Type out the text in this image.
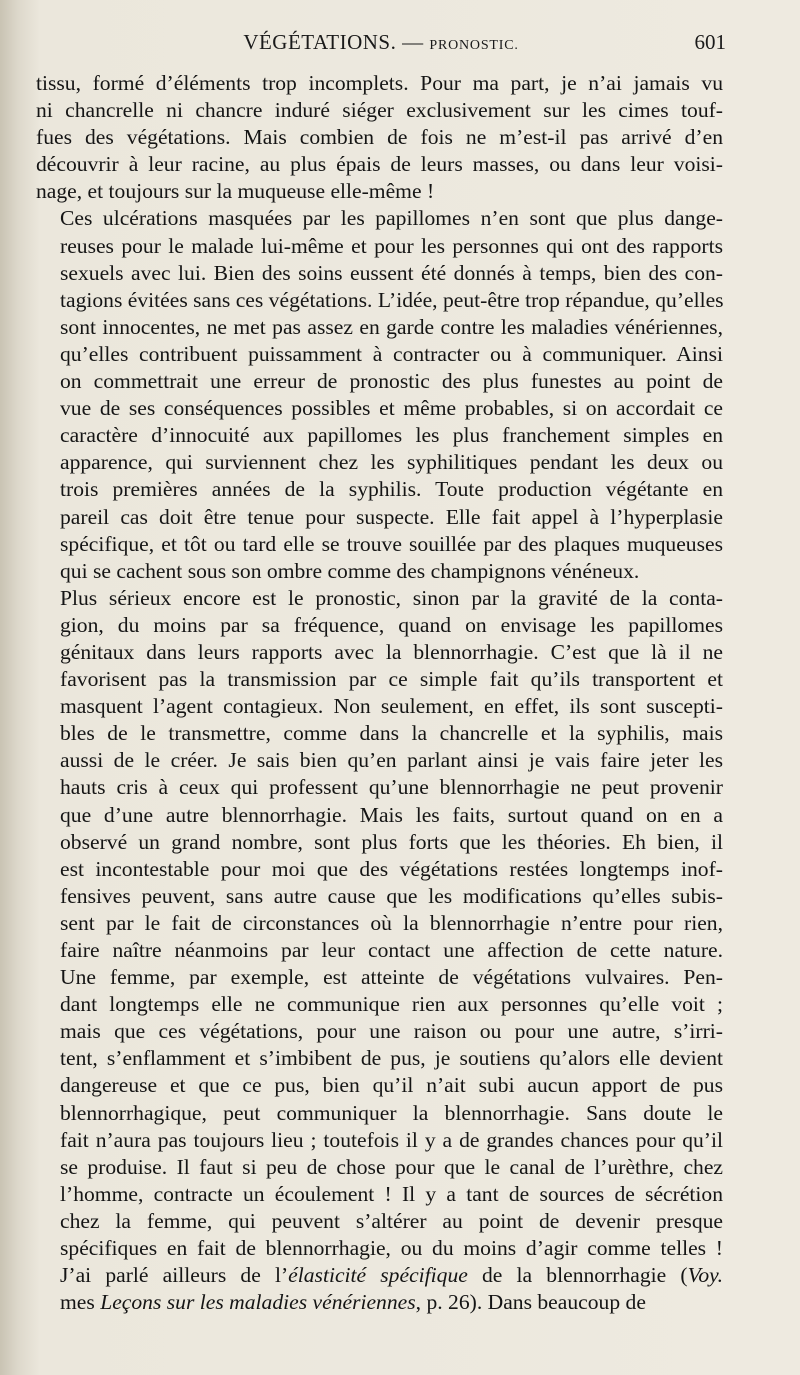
VÉGÉTATIONS. — PRONOSTIC.	601

tissu, formé d’éléments trop incomplets. Pour ma part, je n’ai jamais vu
ni chancrelle ni chancre induré siéger exclusivement sur les cimes touf-
fues des végétations. Mais combien de fois ne m’est-il pas arrivé d’en
découvrir à leur racine, au plus épais de leurs masses, ou dans leur voisi-
nage, et toujours sur la muqueuse elle-même !

Ces ulcérations masquées par les papillomes n’en sont que plus dange-
reuses pour le malade lui-même et pour les personnes qui ont des rapports
sexuels avec lui. Bien des soins eussent été donnés à temps, bien des con-
tagions évitées sans ces végétations. L’idée, peut-être trop répandue, qu’elles
sont innocentes, ne met pas assez en garde contre les maladies vénériennes,
qu’elles contribuent puissamment à contracter ou à communiquer. Ainsi
on commettrait une erreur de pronostic des plus funestes au point de
vue de ses conséquences possibles et même probables, si on accordait ce
caractère d’innocuité aux papillomes les plus franchement simples en
apparence, qui surviennent chez les syphilitiques pendant les deux ou
trois premières années de la syphilis. Toute production végétante en
pareil cas doit être tenue pour suspecte. Elle fait appel à l’hyperplasie
spécifique, et tôt ou tard elle se trouve souillée par des plaques muqueuses
qui se cachent sous son ombre comme des champignons vénéneux.

Plus sérieux encore est le pronostic, sinon par la gravité de la conta-
gion, du moins par sa fréquence, quand on envisage les papillomes
génitaux dans leurs rapports avec la blennorrhagie. C’est que là il ne
favorisent pas la transmission par ce simple fait qu’ils transportent et
masquent l’agent contagieux. Non seulement, en effet, ils sont suscepti-
bles de le transmettre, comme dans la chancrelle et la syphilis, mais
aussi de le créer. Je sais bien qu’en parlant ainsi je vais faire jeter les
hauts cris à ceux qui professent qu’une blennorrhagie ne peut provenir
que d’une autre blennorrhagie. Mais les faits, surtout quand on en a
observé un grand nombre, sont plus forts que les théories. Eh bien, il
est incontestable pour moi que des végétations restées longtemps inof-
fensives peuvent, sans autre cause que les modifications qu’elles subis-
sent par le fait de circonstances où la blennorrhagie n’entre pour rien,
faire naître néanmoins par leur contact une affection de cette nature.
Une femme, par exemple, est atteinte de végétations vulvaires. Pen-
dant longtemps elle ne communique rien aux personnes qu’elle voit ;
mais que ces végétations, pour une raison ou pour une autre, s’irri-
tent, s’enflamment et s’imbibent de pus, je soutiens qu’alors elle devient
dangereuse et que ce pus, bien qu’il n’ait subi aucun apport de pus
blennorrhagique, peut communiquer la blennorrhagie. Sans doute le
fait n’aura pas toujours lieu ; toutefois il y a de grandes chances pour qu’il
se produise. Il faut si peu de chose pour que le canal de l’urèthre, chez
l’homme, contracte un écoulement ! Il y a tant de sources de sécrétion
chez la femme, qui peuvent s’altérer au point de devenir presque
spécifiques en fait de blennorrhagie, ou du moins d’agir comme telles !
J’ai parlé ailleurs de l’élasticité spécifique de la blennorrhagie (Voy.
mes Leçons sur les maladies vénériennes, p. 26). Dans beaucoup de
